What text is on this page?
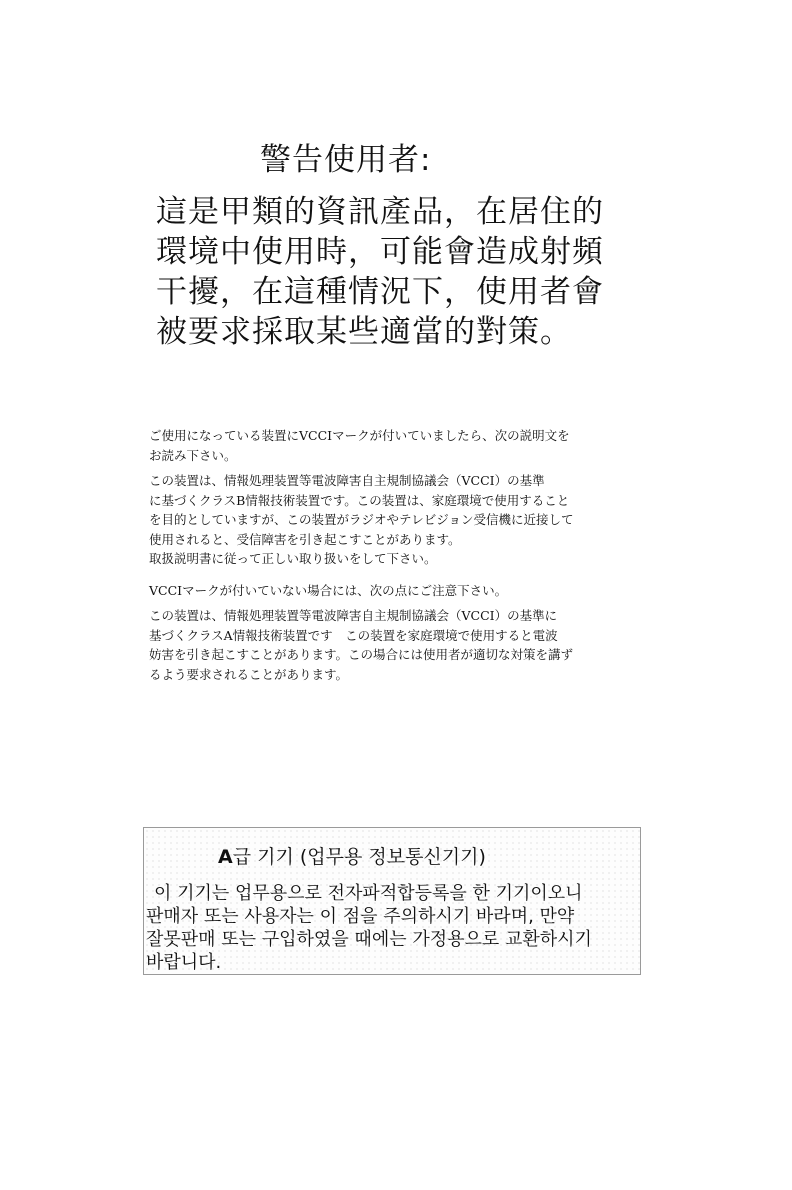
警告使用者:
這是甲類的資訊產品，在居住的
環境中使用時，可能會造成射頻
干擾，在這種情況下，使用者會
被要求採取某些適當的對策。

ご使用になっている装置にVCCIマークが付いていましたら、次の説明文を
お読み下さい。

この装置は、情報処理装置等電波障害自主規制協議会（VCCI）の基準
に基づくクラスB情報技術装置です。この装置は、家庭環境で使用すること
を目的としていますが、この装置がラジオやテレビジョン受信機に近接して
使用されると、受信障害を引き起こすことがあります。
取扱説明書に従って正しい取り扱いをして下さい。

VCCIマークが付いていない場合には、次の点にご注意下さい。

この装置は、情報処理装置等電波障害自主規制協議会（VCCI）の基準に
基づくクラスA情報技術装置です　この装置を家庭環境で使用すると電波
妨害を引き起こすことがあります。この場合には使用者が適切な対策を講ず
るよう要求されることがあります。

A급 기기 (업무용 정보통신기기)
이 기기는 업무용으로 전자파적합등록을 한 기기이오니
판매자 또는 사용자는 이 점을 주의하시기 바라며, 만약
잘못판매 또는 구입하였을 때에는 가정용으로 교환하시기
바랍니다.
